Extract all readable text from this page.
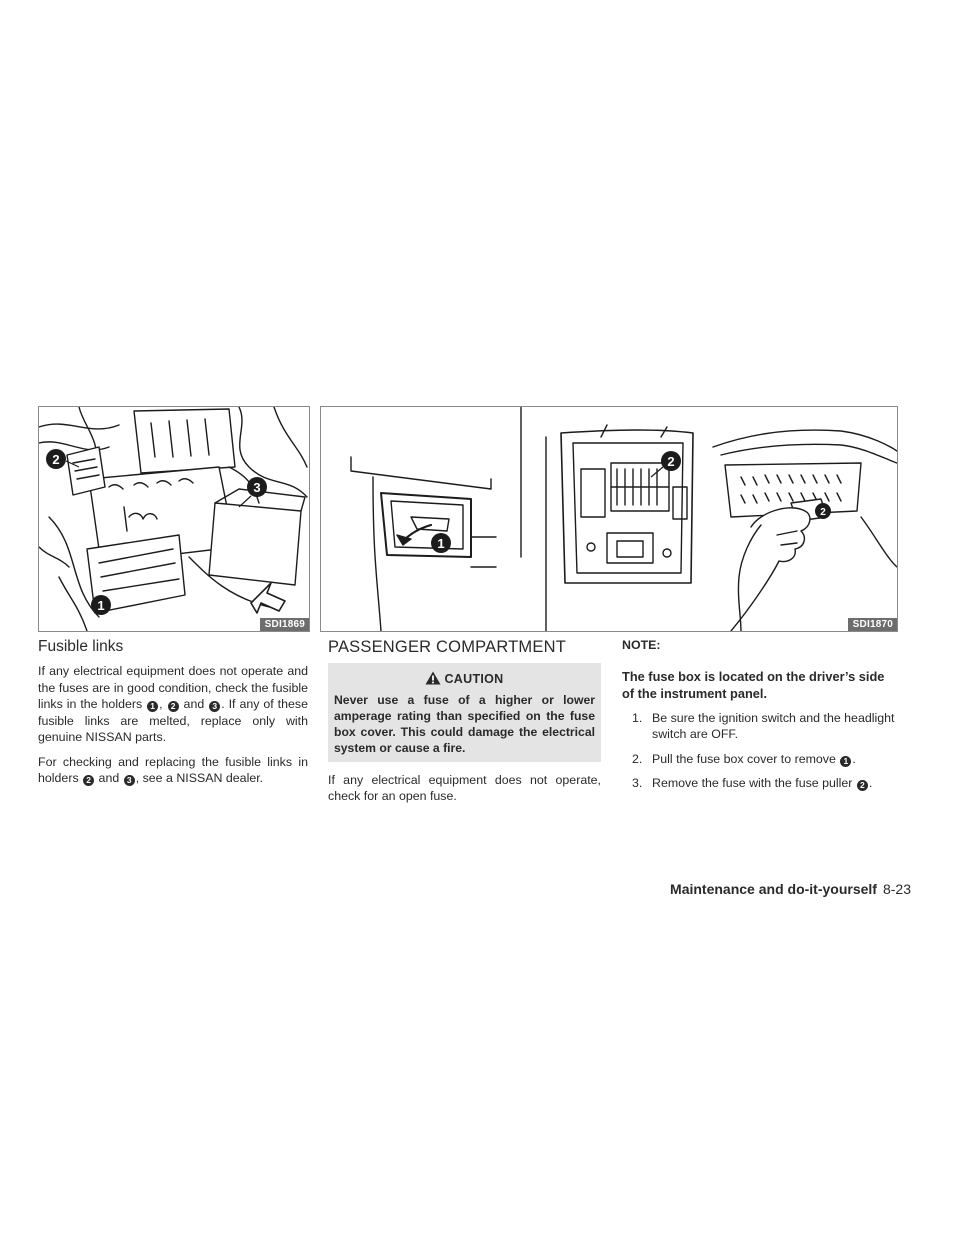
2
3
1
SDI1869
1
2
2
SDI1870
Fusible links

If any electrical equipment does not operate and the fuses are in good condition, check the fusible links in the holders 1 , 2 and 3 . If any of these fusible links are melted, replace only with genuine NISSAN parts.

For checking and replacing the fusible links in holders 2 and 3 , see a NISSAN dealer.

PASSENGER COMPARTMENT
CAUTION
Never use a fuse of a higher or lower amperage rating than specified on the fuse box cover. This could damage the electrical system or cause a fire.

If any electrical equipment does not operate, check for an open fuse.

NOTE:

The fuse box is located on the driver’s side of the instrument panel.

1. Be sure the ignition switch and the headlight switch are OFF.
2. Pull the fuse box cover to remove 1 .
3. Remove the fuse with the fuse puller 2 .
Maintenance and do-it-yourself 8-23
